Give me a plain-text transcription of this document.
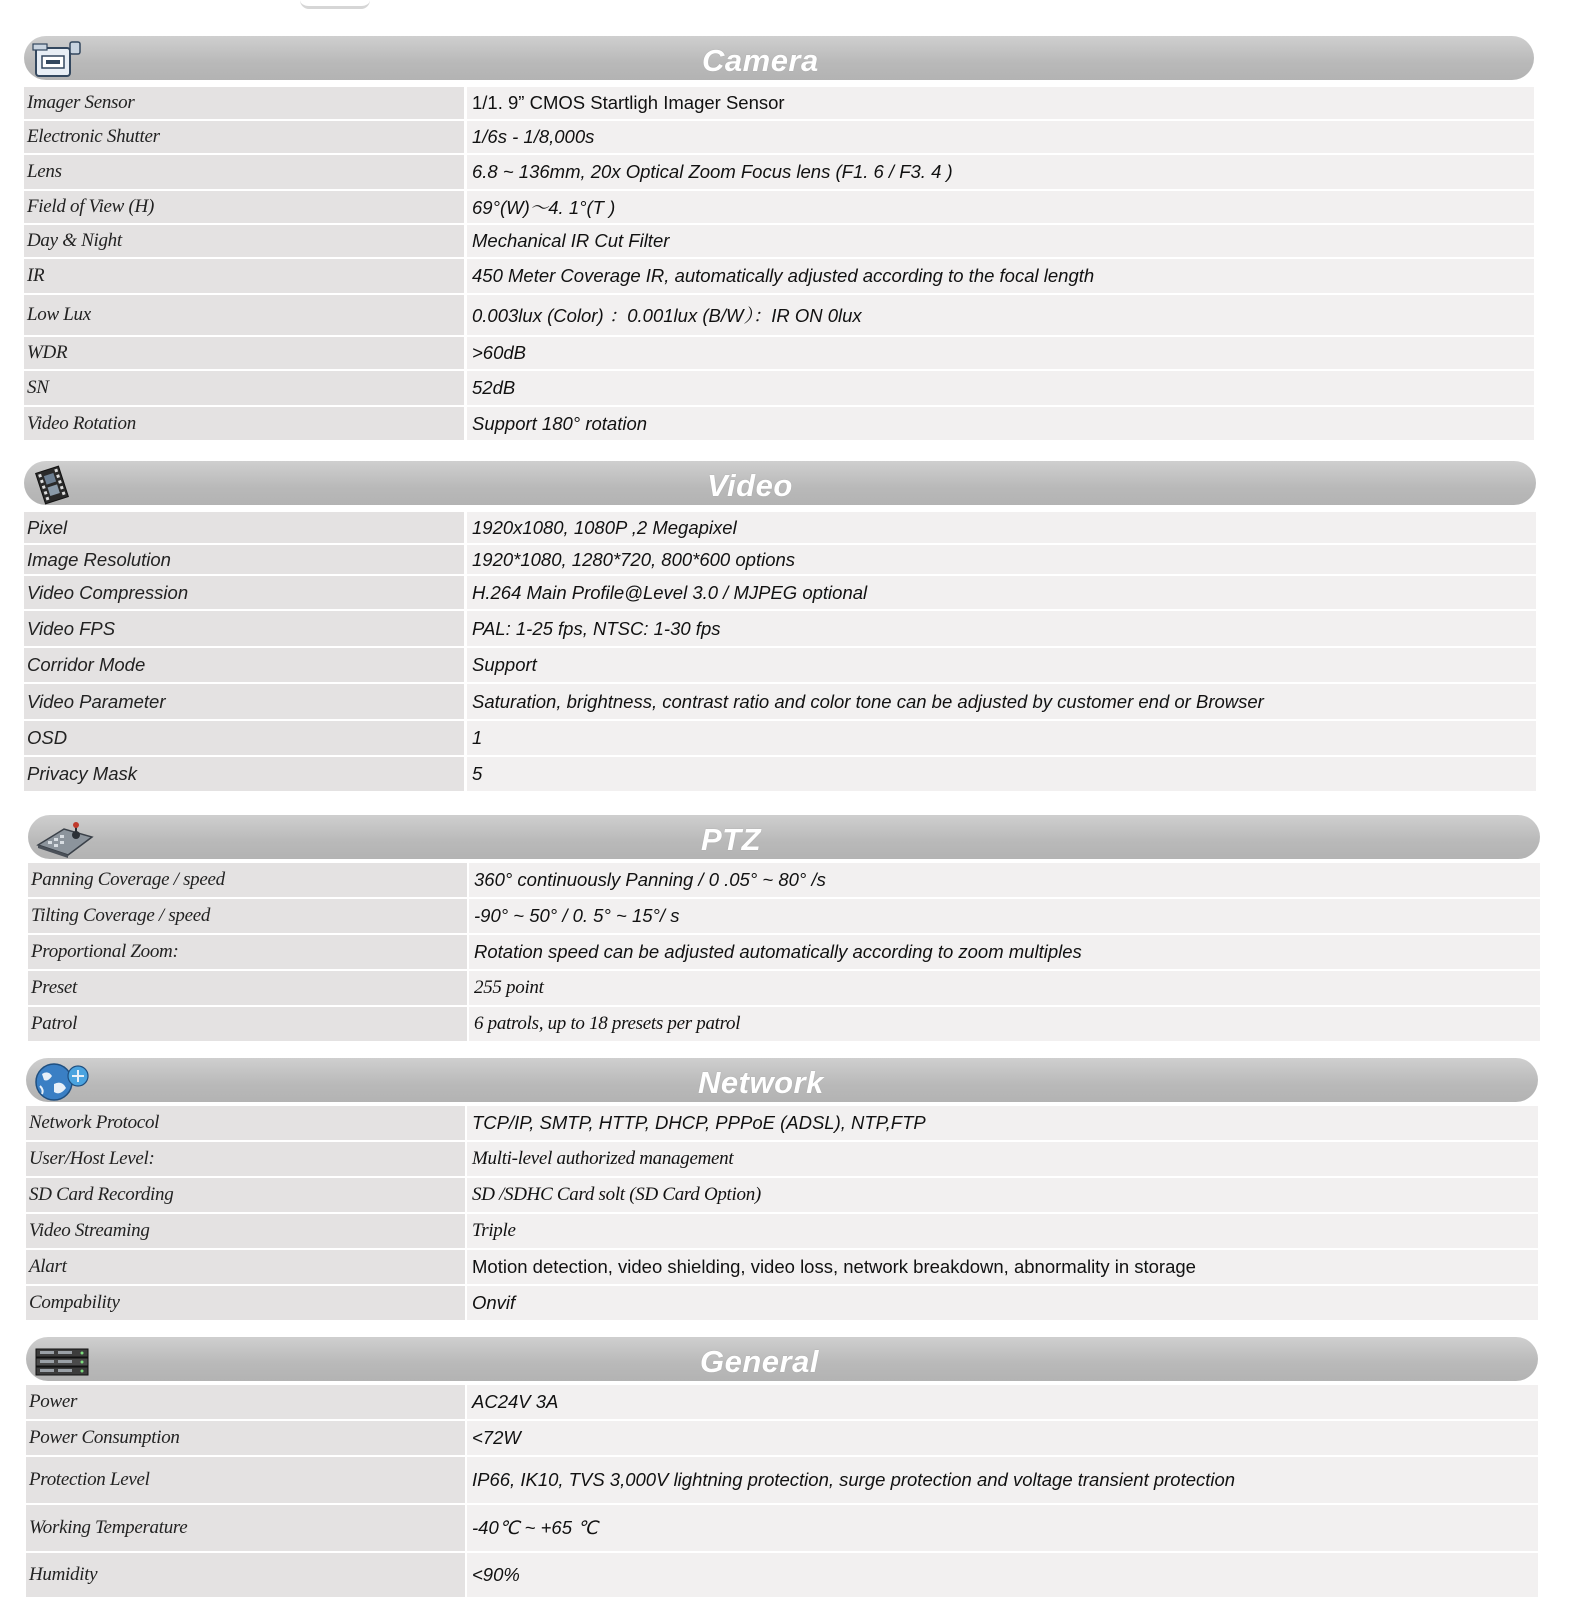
Camera
Imager Sensor	1/1. 9” CMOS Startligh Imager Sensor
Electronic Shutter	1/6s - 1/8,000s
Lens	6.8 ~ 136mm, 20x Optical Zoom Focus lens (F1. 6 / F3. 4 )
Field of View (H)	69°(W)～4. 1°(T )
Day & Night	Mechanical IR Cut Filter
IR	450 Meter Coverage IR, automatically adjusted according to the focal length
Low Lux	0.003lux (Color) ：0.001lux (B/W）：IR ON 0lux
WDR	>60dB
SN	52dB
Video Rotation	Support 180° rotation
Video
Pixel	1920x1080, 1080P ,2 Megapixel
Image Resolution	1920*1080, 1280*720, 800*600 options
Video Compression	H.264 Main Profile@Level 3.0 / MJPEG optional
Video FPS	PAL: 1-25 fps, NTSC: 1-30 fps
Corridor Mode	Support
Video Parameter	Saturation, brightness, contrast ratio and color tone can be adjusted by customer end or Browser
OSD	1
Privacy Mask	5
PTZ
Panning Coverage / speed	360° continuously Panning / 0 .05° ~ 80° /s
Tilting Coverage / speed	-90° ~ 50° / 0. 5° ~ 15°/ s
Proportional Zoom:	Rotation speed can be adjusted automatically according to zoom multiples
Preset	255 point
Patrol	6 patrols, up to 18 presets per patrol
Network
Network Protocol	TCP/IP, SMTP, HTTP, DHCP, PPPoE (ADSL), NTP,FTP
User/Host Level:	Multi-level authorized management
SD Card Recording	SD /SDHC Card solt (SD Card Option)
Video Streaming	Triple
Alart	Motion detection, video shielding, video loss, network breakdown, abnormality in storage
Compability	Onvif
General
Power	AC24V 3A
Power Consumption	<72W
Protection Level	IP66, IK10, TVS 3,000V lightning protection, surge protection and voltage transient protection
Working Temperature	-40℃ ~ +65 ℃
Humidity	<90%
